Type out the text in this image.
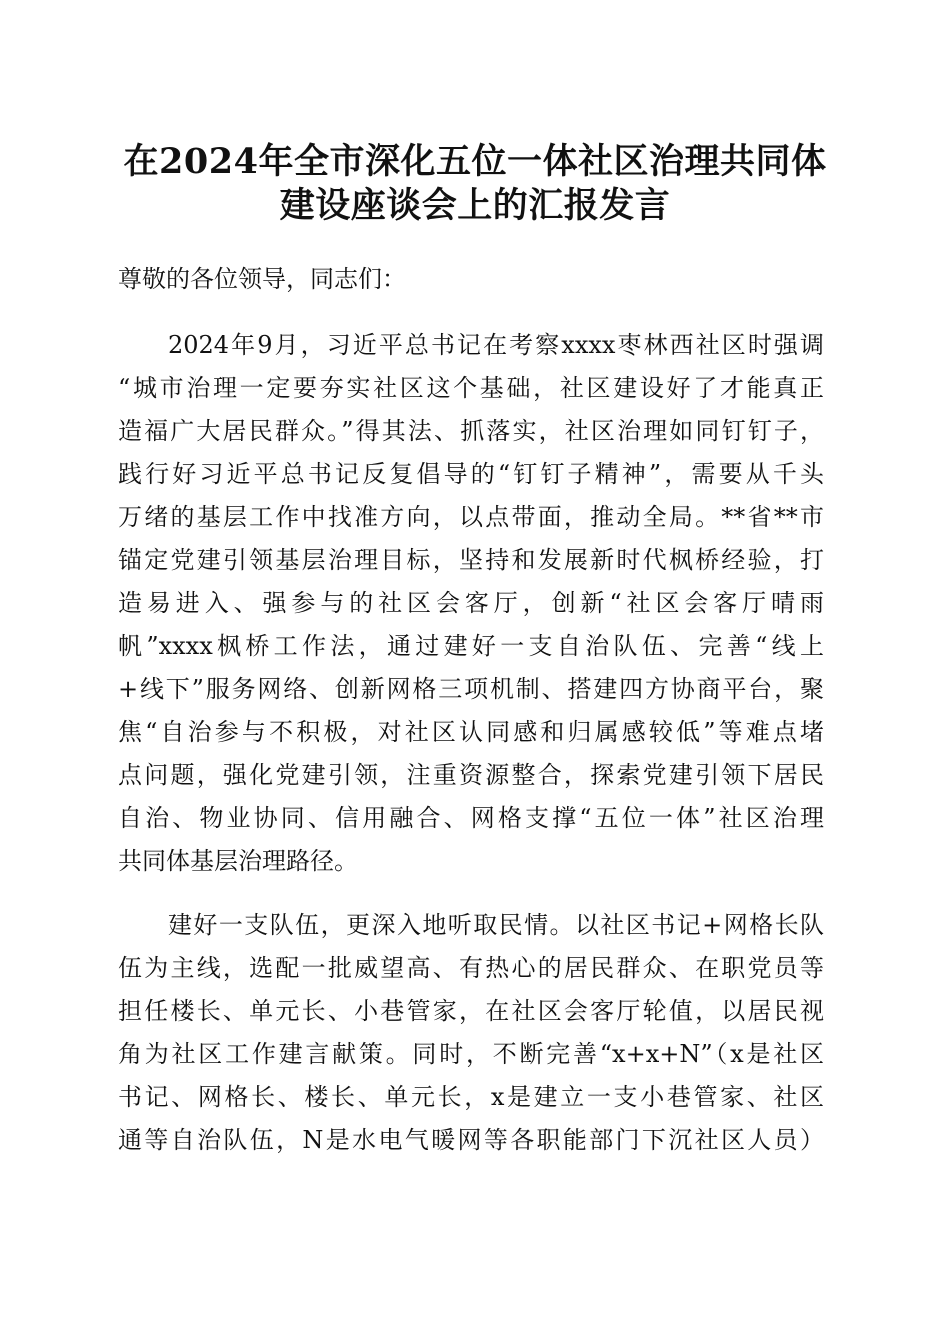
在2024年全市深化五位一体社区治理共同体
建设座谈会上的汇报发言

尊敬的各位领导，同志们：

2024年9月，习近平总书记在考察xxxx枣林西社区时强调
“城市治理一定要夯实社区这个基础，社区建设好了才能真正
造福广大居民群众。”得其法、抓落实，社区治理如同钉钉子，
践行好习近平总书记反复倡导的“钉钉子精神”，需要从千头
万绪的基层工作中找准方向，以点带面，推动全局。**省**市
锚定党建引领基层治理目标，坚持和发展新时代枫桥经验，打
造易进入、强参与的社区会客厅，创新“社区会客厅晴雨
帆”xxxx枫桥工作法，通过建好一支自治队伍、完善“线上
+线下”服务网络、创新网格三项机制、搭建四方协商平台，聚
焦“自治参与不积极，对社区认同感和归属感较低”等难点堵
点问题，强化党建引领，注重资源整合，探索党建引领下居民
自治、物业协同、信用融合、网格支撑“五位一体”社区治理
共同体基层治理路径。
建好一支队伍，更深入地听取民情。以社区书记+网格长队
伍为主线，选配一批威望高、有热心的居民群众、在职党员等
担任楼长、单元长、小巷管家，在社区会客厅轮值，以居民视
角为社区工作建言献策。同时，不断完善“x+x+N”（x是社区
书记、网格长、楼长、单元长，x是建立一支小巷管家、社区
通等自治队伍，N是水电气暖网等各职能部门下沉社区人员）
